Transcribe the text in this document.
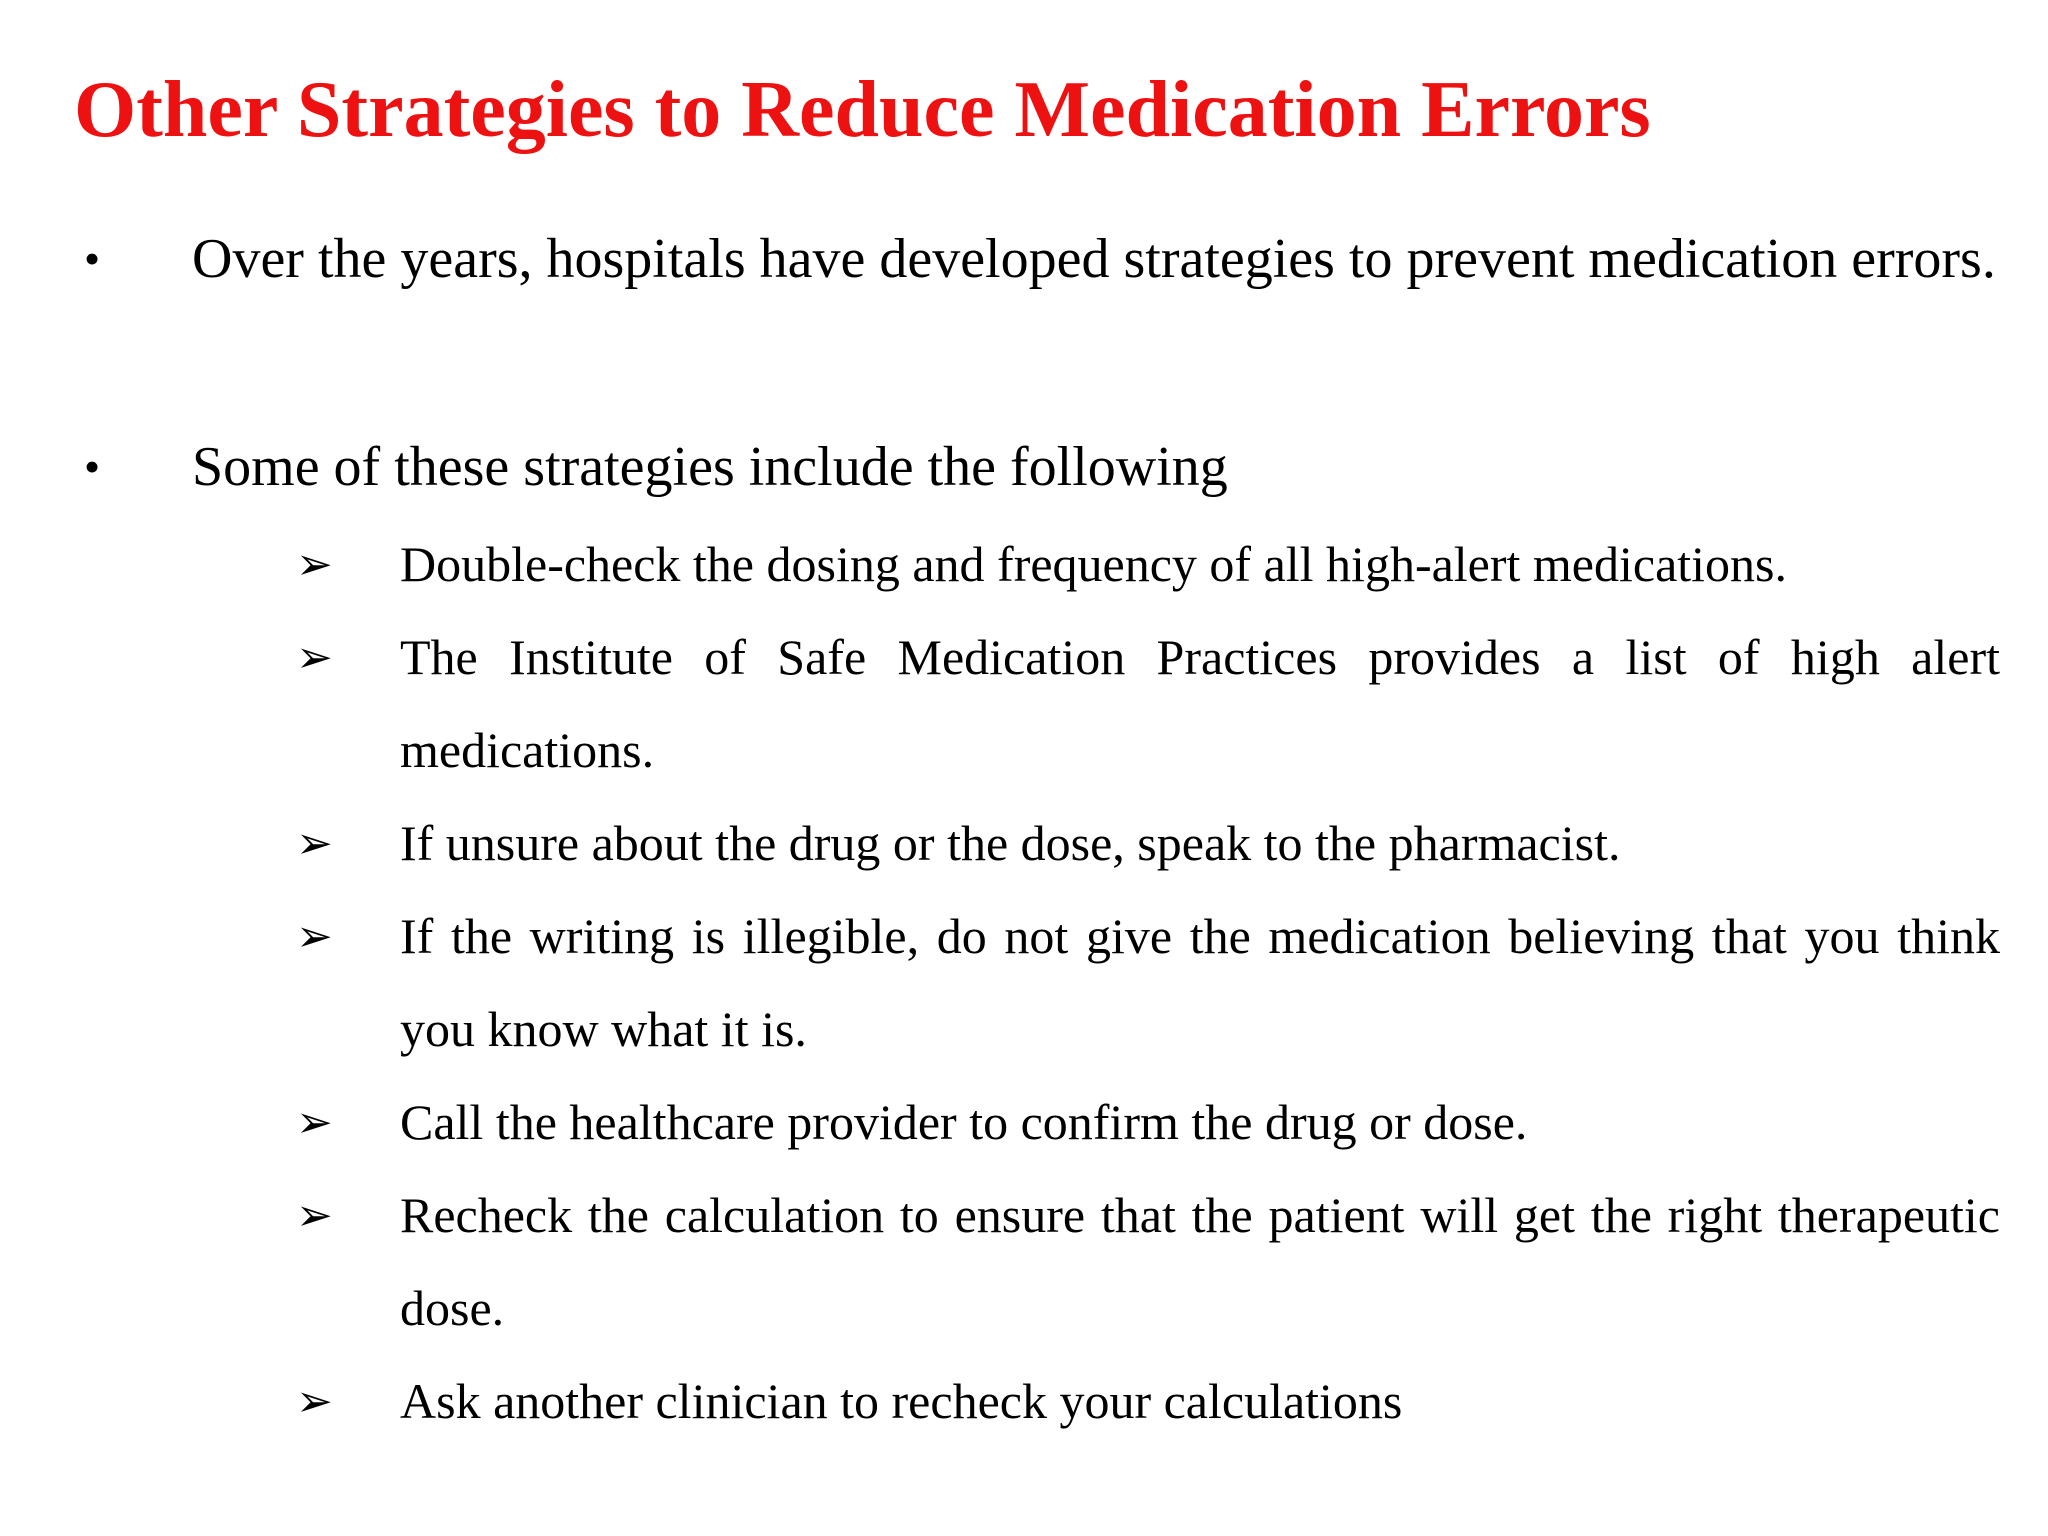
Other Strategies to Reduce Medication Errors
• Over the years, hospitals have developed strategies to prevent medication errors.

• Some of these strategies include the following

➢ Double-check the dosing and frequency of all high-alert medications.

➢ The Institute of Safe Medication Practices provides a list of high alert medications.

➢ If unsure about the drug or the dose, speak to the pharmacist.

➢ If the writing is illegible, do not give the medication believing that you think you know what it is.

➢ Call the healthcare provider to confirm the drug or dose.

➢ Recheck the calculation to ensure that the patient will get the right therapeutic dose.

➢ Ask another clinician to recheck your calculations
